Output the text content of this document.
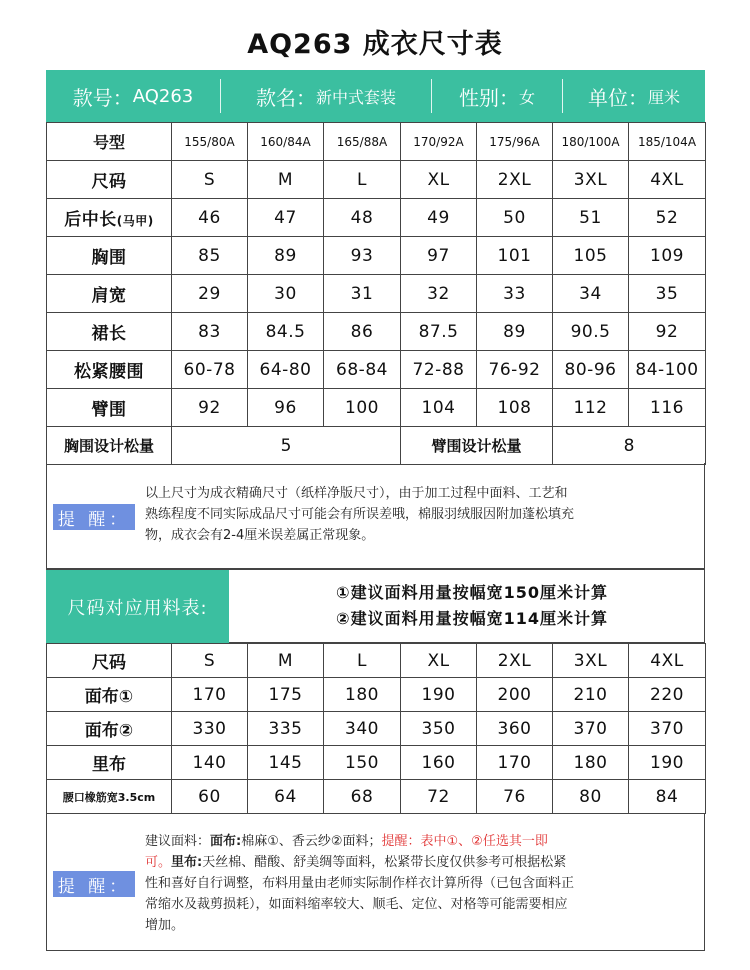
AQ263 成衣尺寸表
款号： AQ263	款名： 新中式套装	性别： 女	单位： 厘米
号型	155/80A	160/84A	165/88A	170/92A	175/96A	180/100A	185/104A
尺码	S	M	L	XL	2XL	3XL	4XL
后中长(马甲)	46	47	48	49	50	51	52
胸围	85	89	93	97	101	105	109
肩宽	29	30	31	32	33	34	35
裙长	83	84.5	86	87.5	89	90.5	92
松紧腰围	60-78	64-80	68-84	72-88	76-92	80-96	84-100
臂围	92	96	100	104	108	112	116
胸围设计松量	5			臂围设计松量		8	
提 醒：
以上尺寸为成衣精确尺寸（纸样净版尺寸），由于加工过程中面料、工艺和
熟练程度不同实际成品尺寸可能会有所误差哦，棉服羽绒服因附加蓬松填充
物，成衣会有2-4厘米误差属正常现象。
尺码对应用料表:
①建议面料用量按幅宽150厘米计算
②建议面料用量按幅宽114厘米计算
尺码	S	M	L	XL	2XL	3XL	4XL
面布①	170	175	180	190	200	210	220
面布②	330	335	340	350	360	370	370
里布	140	145	150	160	170	180	190
腰口橡筋宽3.5cm	60	64	68	72	76	80	84
提 醒：
建议面料：面布:棉麻①、香云纱②面料；提醒：表中①、②任选其一即
可。里布:天丝棉、醋酸、舒美绸等面料，松紧带长度仅供参考可根据松紧
性和喜好自行调整，布料用量由老师实际制作样衣计算所得（已包含面料正
常缩水及裁剪损耗），如面料缩率较大、顺毛、定位、对格等可能需要相应
增加。
